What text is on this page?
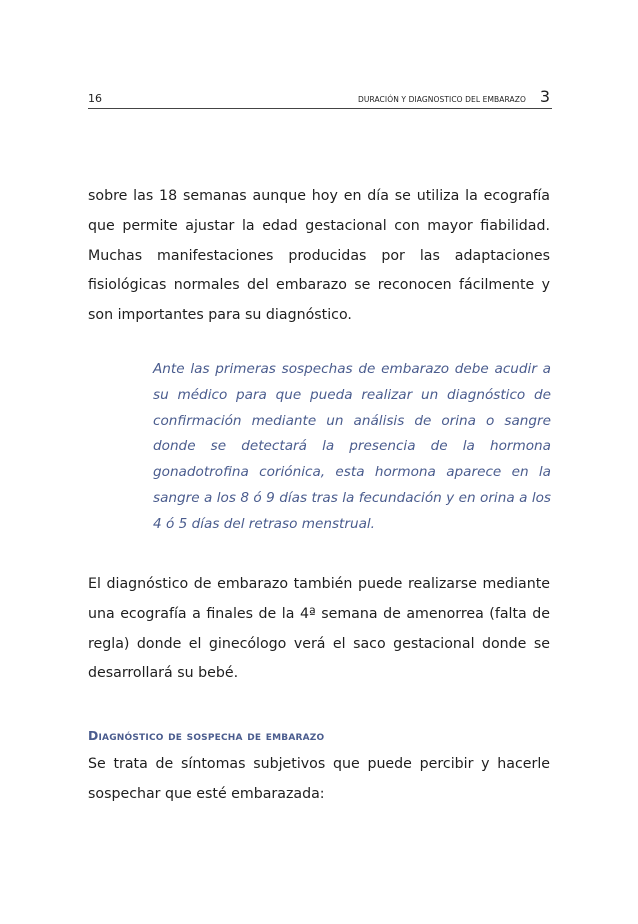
16	DURACIÓN Y DIAGNOSTICO DEL EMBARAZO 3

sobre las 18 semanas aunque hoy en día se utiliza la ecografía que permite ajustar la edad gestacional con mayor fiabilidad. Muchas manifestaciones producidas por las adaptaciones fisiológicas normales del embarazo se reconocen fácilmente y son importantes para su diagnóstico.

Ante las primeras sospechas de embarazo debe acudir a su médico para que pueda realizar un diagnóstico de confirmación mediante un análisis de orina o sangre donde se detectará la presencia de la hormona gonadotrofina coriónica, esta hormona aparece en la sangre a los 8 ó 9 días tras la fecundación y en orina a los 4 ó 5 días del retraso menstrual.

El diagnóstico de embarazo también puede realizarse mediante una ecografía a finales de la 4ª semana de amenorrea (falta de regla) donde el ginecólogo verá el saco gestacional donde se desarrollará su bebé.

Diagnóstico de sospecha de embarazo

Se trata de síntomas subjetivos que puede percibir y hacerle sospechar que esté embarazada:
